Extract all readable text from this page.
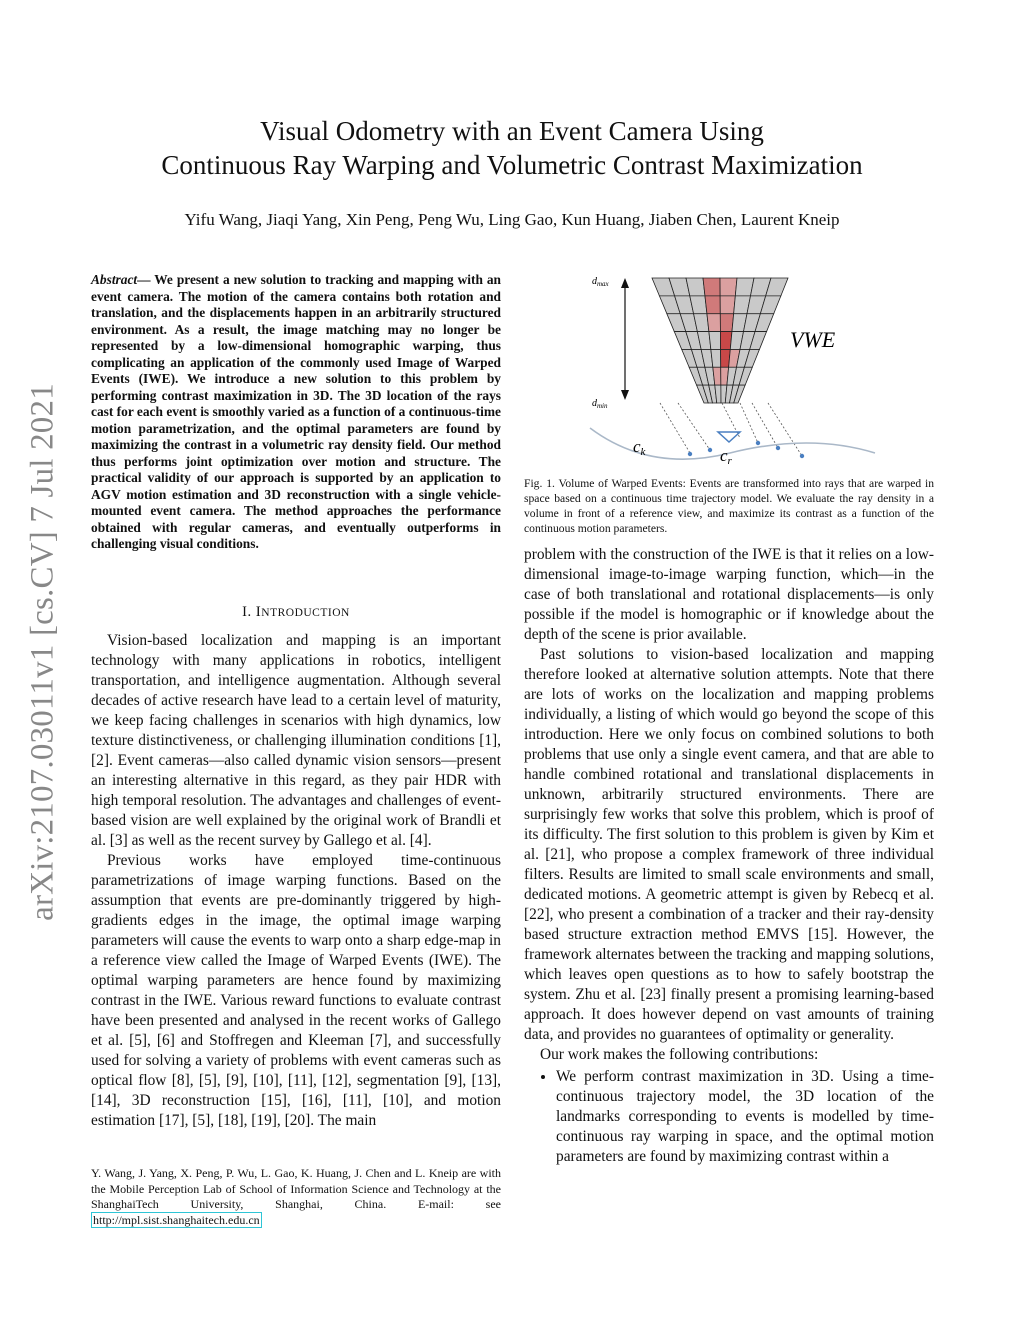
arXiv:2107.03011v1 [cs.CV] 7 Jul 2021
Visual Odometry with an Event Camera Using
Continuous Ray Warping and Volumetric Contrast Maximization
Yifu Wang, Jiaqi Yang, Xin Peng, Peng Wu, Ling Gao, Kun Huang, Jiaben Chen, Laurent Kneip

Abstract— We present a new solution to tracking and mapping with an event camera. The motion of the camera contains both rotation and translation, and the displacements happen in an arbitrarily structured environment. As a result, the image matching may no longer be represented by a low-dimensional homographic warping, thus complicating an application of the commonly used Image of Warped Events (IWE). We introduce a new solution to this problem by performing contrast maximization in 3D. The 3D location of the rays cast for each event is smoothly varied as a function of a continuous-time motion parametrization, and the optimal parameters are found by maximizing the contrast in a volumetric ray density field. Our method thus performs joint optimization over motion and structure. The practical validity of our approach is supported by an application to AGV motion estimation and 3D reconstruction with a single vehicle-mounted event camera. The method approaches the performance obtained with regular cameras, and eventually outperforms in challenging visual conditions.

I. INTRODUCTION

Vision-based localization and mapping is an important technology with many applications in robotics, intelligent transportation, and intelligence augmentation. Although several decades of active research have lead to a certain level of maturity, we keep facing challenges in scenarios with high dynamics, low texture distinctiveness, or challenging illumination conditions [1], [2]. Event cameras—also called dynamic vision sensors—present an interesting alternative in this regard, as they pair HDR with high temporal resolution. The advantages and challenges of event-based vision are well explained by the original work of Brandli et al. [3] as well as the recent survey by Gallego et al. [4].

Previous works have employed time-continuous parametrizations of image warping functions. Based on the assumption that events are pre-dominantly triggered by high-gradients edges in the image, the optimal image warping parameters will cause the events to warp onto a sharp edge-map in a reference view called the Image of Warped Events (IWE). The optimal warping parameters are hence found by maximizing contrast in the IWE. Various reward functions to evaluate contrast have been presented and analysed in the recent works of Gallego et al. [5], [6] and Stoffregen and Kleeman [7], and successfully used for solving a variety of problems with event cameras such as optical flow [8], [5], [9], [10], [11], [12], segmentation [9], [13], [14], 3D reconstruction [15], [16], [11], [10], and motion estimation [17], [5], [18], [19], [20]. The main

Y. Wang, J. Yang, X. Peng, P. Wu, L. Gao, K. Huang, J. Chen and L. Kneip are with the Mobile Perception Lab of School of Information Science and Technology at the ShanghaiTech University, Shanghai, China. E-mail: see http://mpl.sist.shanghaitech.edu.cn
$d_{max}$
$d_{min}$
ck	cr
VWE
Fig. 1. Volume of Warped Events: Events are transformed into rays that are warped in space based on a continuous time trajectory model. We evaluate the ray density in a volume in front of a reference view, and maximize its contrast as a function of the continuous motion parameters.

problem with the construction of the IWE is that it relies on a low-dimensional image-to-image warping function, which—in the case of both translational and rotational displacements—is only possible if the model is homographic or if knowledge about the depth of the scene is prior available.

Past solutions to vision-based localization and mapping therefore looked at alternative solution attempts. Note that there are lots of works on the localization and mapping problems individually, a listing of which would go beyond the scope of this introduction. Here we only focus on combined solutions to both problems that use only a single event camera, and that are able to handle combined rotational and translational displacements in unknown, arbitrarily structured environments. There are surprisingly few works that solve this problem, which is proof of its difficulty. The first solution to this problem is given by Kim et al. [21], who propose a complex framework of three individual filters. Results are limited to small scale environments and small, dedicated motions. A geometric attempt is given by Rebecq et al. [22], who present a combination of a tracker and their ray-density based structure extraction method EMVS [15]. However, the framework alternates between the tracking and mapping solutions, which leaves open questions as to how to safely bootstrap the system. Zhu et al. [23] finally present a promising learning-based approach. It does however depend on vast amounts of training data, and provides no guarantees of optimality or generality.

Our work makes the following contributions:

• We perform contrast maximization in 3D. Using a time-continuous trajectory model, the 3D location of the landmarks corresponding to events is modelled by time-continuous ray warping in space, and the optimal motion parameters are found by maximizing contrast within a
